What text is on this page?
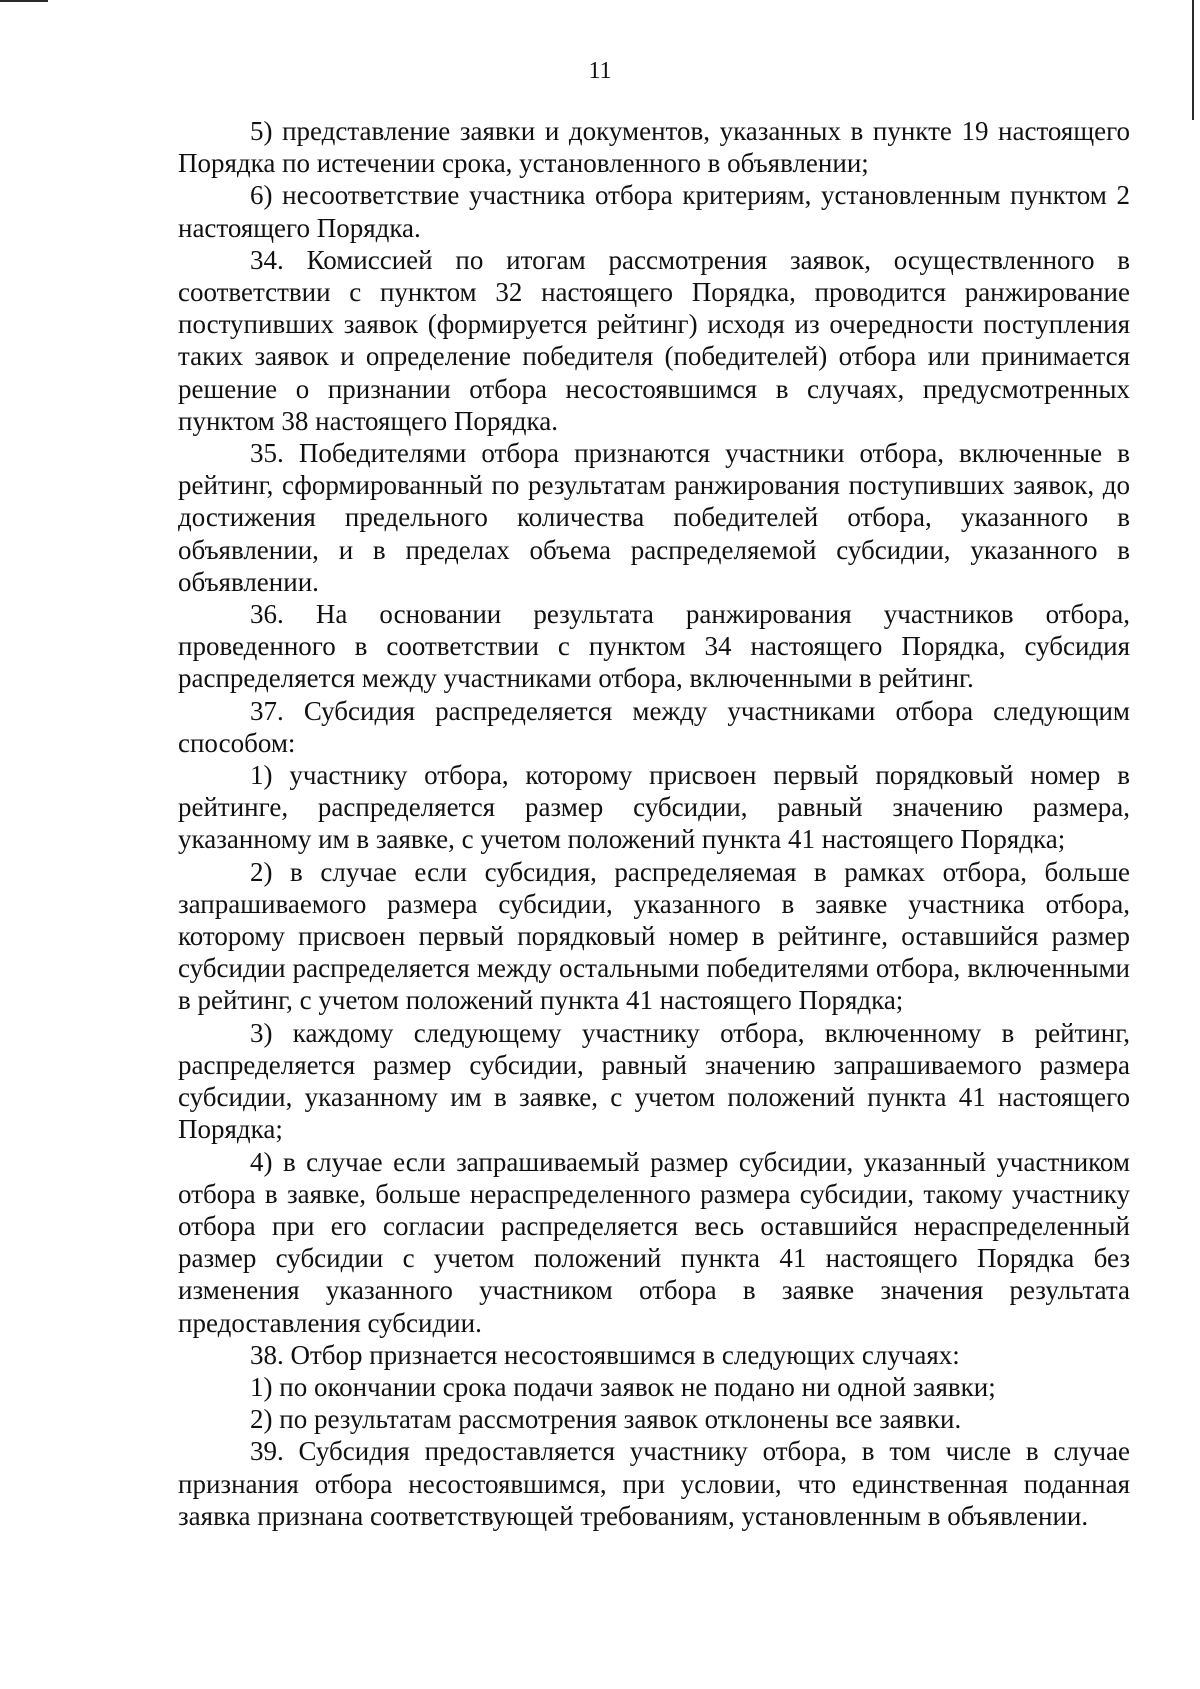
11

5) представление заявки и документов, указанных в пункте 19 настоящего Порядка по истечении срока, установленного в объявлении;

6) несоответствие участника отбора критериям, установленным пунктом 2 настоящего Порядка.

34. Комиссией по итогам рассмотрения заявок, осуществленного в соответствии с пунктом 32 настоящего Порядка, проводится ранжирование поступивших заявок (формируется рейтинг) исходя из очередности поступления таких заявок и определение победителя (победителей) отбора или принимается решение о признании отбора несостоявшимся в случаях, предусмотренных пунктом 38 настоящего Порядка.

35. Победителями отбора признаются участники отбора, включенные в рейтинг, сформированный по результатам ранжирования поступивших заявок, до достижения предельного количества победителей отбора, указанного в объявлении, и в пределах объема распределяемой субсидии, указанного в объявлении.

36. На основании результата ранжирования участников отбора, проведенного в соответствии с пунктом 34 настоящего Порядка, субсидия распределяется между участниками отбора, включенными в рейтинг.

37. Субсидия распределяется между участниками отбора следующим способом:

1) участнику отбора, которому присвоен первый порядковый номер в рейтинге, распределяется размер субсидии, равный значению размера, указанному им в заявке, с учетом положений пункта 41 настоящего Порядка;

2) в случае если субсидия, распределяемая в рамках отбора, больше запрашиваемого размера субсидии, указанного в заявке участника отбора, которому присвоен первый порядковый номер в рейтинге, оставшийся размер субсидии распределяется между остальными победителями отбора, включенными в рейтинг, с учетом положений пункта 41 настоящего Порядка;

3) каждому следующему участнику отбора, включенному в рейтинг, распределяется размер субсидии, равный значению запрашиваемого размера субсидии, указанному им в заявке, с учетом положений пункта 41 настоящего Порядка;

4) в случае если запрашиваемый размер субсидии, указанный участником отбора в заявке, больше нераспределенного размера субсидии, такому участнику отбора при его согласии распределяется весь оставшийся нераспределенный размер субсидии с учетом положений пункта 41 настоящего Порядка без изменения указанного участником отбора в заявке значения результата предоставления субсидии.

38. Отбор признается несостоявшимся в следующих случаях:

1) по окончании срока подачи заявок не подано ни одной заявки;

2) по результатам рассмотрения заявок отклонены все заявки.

39. Субсидия предоставляется участнику отбора, в том числе в случае признания отбора несостоявшимся, при условии, что единственная поданная заявка признана соответствующей требованиям, установленным в объявлении.
